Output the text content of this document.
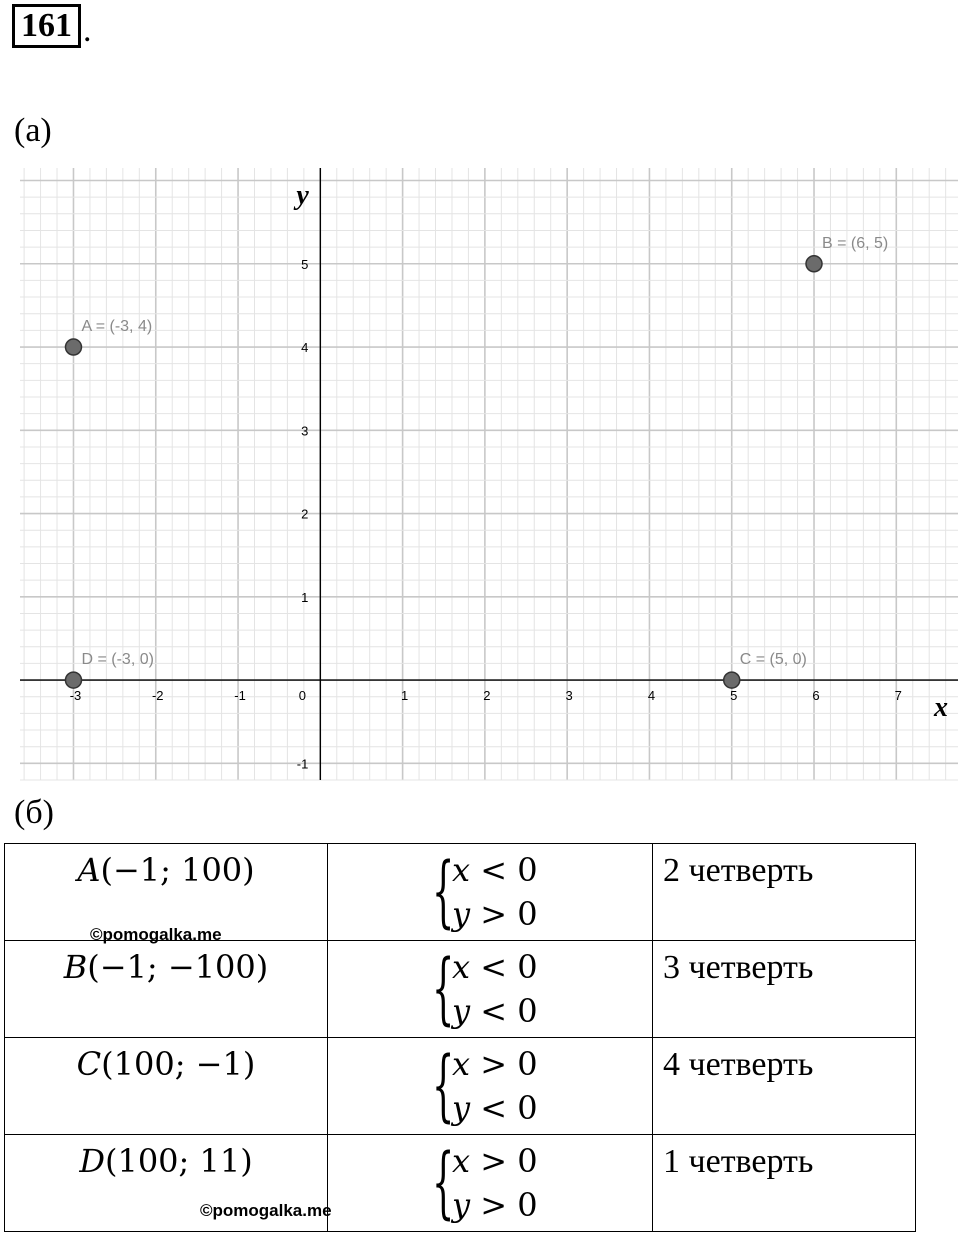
161 .
(а)
x
y
-3	-2	-1	0	1	2	3	4	5	6	7
-1
1
2
3
4
5
A = (-3, 4)
B = (6, 5)
C = (5, 0)
D = (-3, 0)
(б)
A(−1; 100)	{
x < 0
y > 0	2 четверть

B(−1; −100)	{
x < 0
y < 0	3 четверть

C(100; −1)	{
x > 0
y < 0	4 четверть

D(100; 11)	{
x > 0
y > 0	1 четверть
©pomogalka.me
©pomogalka.me
